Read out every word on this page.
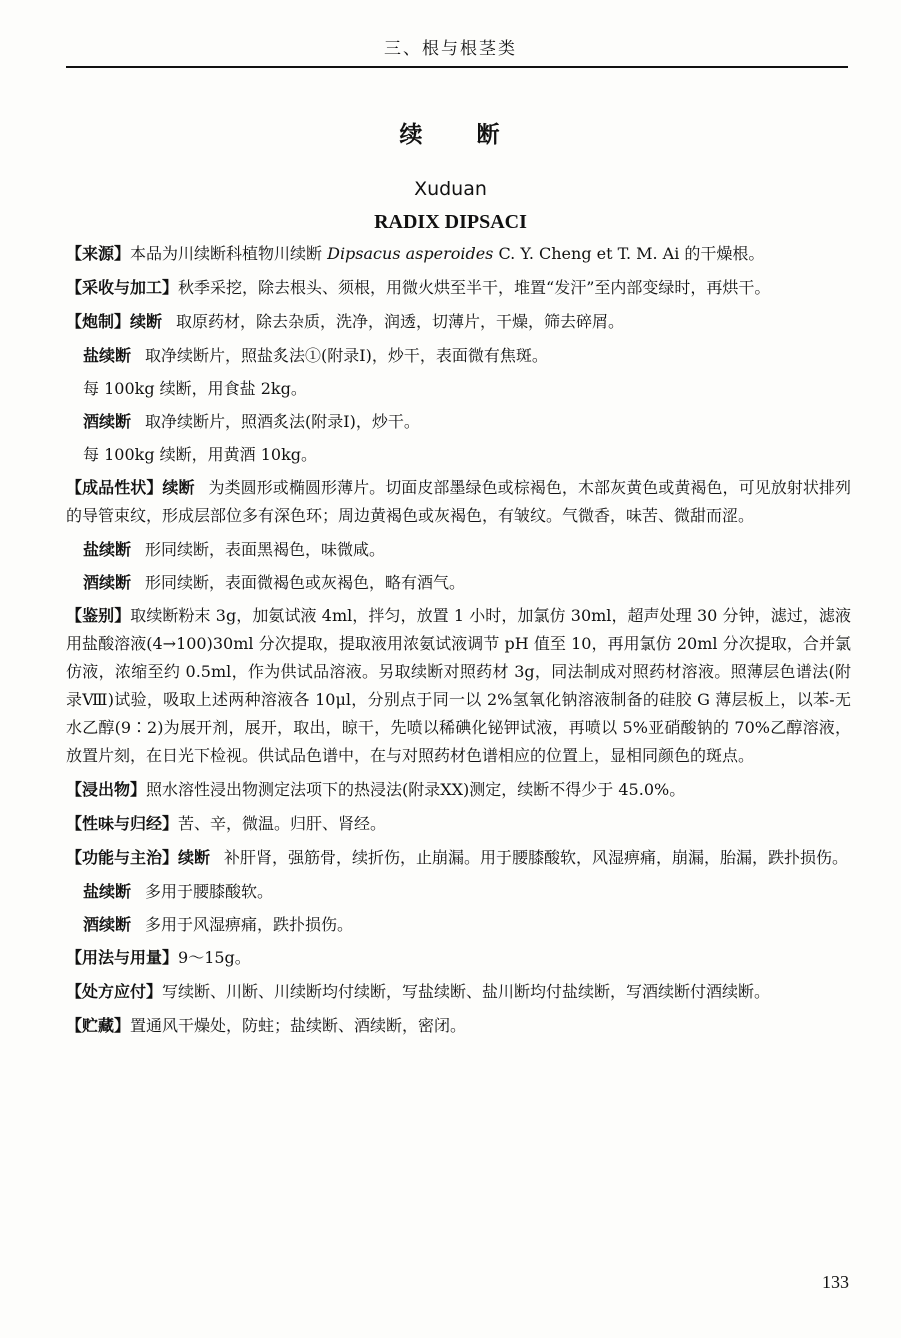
三、根与根茎类
续 断
Xuduan
RADIX DIPSACI

【来源】本品为川续断科植物川续断 Dipsacus asperoides C. Y. Cheng et T. M. Ai 的干燥根。

【采收与加工】秋季采挖，除去根头、须根，用微火烘至半干，堆置“发汗”至内部变绿时，再烘干。

【炮制】续断 取原药材，除去杂质，洗净，润透，切薄片，干燥，筛去碎屑。

盐续断 取净续断片，照盐炙法①(附录Ⅰ)，炒干，表面微有焦斑。

每 100kg 续断，用食盐 2kg。

酒续断 取净续断片，照酒炙法(附录Ⅰ)，炒干。

每 100kg 续断，用黄酒 10kg。

【成品性状】续断 为类圆形或椭圆形薄片。切面皮部墨绿色或棕褐色，木部灰黄色或黄褐色，可见放射状排列的导管束纹，形成层部位多有深色环；周边黄褐色或灰褐色，有皱纹。气微香，味苦、微甜而涩。

盐续断 形同续断，表面黑褐色，味微咸。

酒续断 形同续断，表面微褐色或灰褐色，略有酒气。

【鉴别】取续断粉末 3g，加氨试液 4ml，拌匀，放置 1 小时，加氯仿 30ml，超声处理 30 分钟，滤过，滤液用盐酸溶液(4→100)30ml 分次提取，提取液用浓氨试液调节 pH 值至 10，再用氯仿 20ml 分次提取，合并氯仿液，浓缩至约 0.5ml，作为供试品溶液。另取续断对照药材 3g，同法制成对照药材溶液。照薄层色谱法(附录Ⅷ)试验，吸取上述两种溶液各 10μl，分别点于同一以 2%氢氧化钠溶液制备的硅胶 G 薄层板上，以苯-无水乙醇(9∶2)为展开剂，展开，取出，晾干，先喷以稀碘化铋钾试液，再喷以 5%亚硝酸钠的 70%乙醇溶液，放置片刻，在日光下检视。供试品色谱中，在与对照药材色谱相应的位置上，显相同颜色的斑点。

【浸出物】照水溶性浸出物测定法项下的热浸法(附录ⅩⅩ)测定，续断不得少于 45.0%。

【性味与归经】苦、辛，微温。归肝、肾经。

【功能与主治】续断 补肝肾，强筋骨，续折伤，止崩漏。用于腰膝酸软，风湿痹痛，崩漏，胎漏，跌扑损伤。

盐续断 多用于腰膝酸软。

酒续断 多用于风湿痹痛，跌扑损伤。

【用法与用量】9～15g。

【处方应付】写续断、川断、川续断均付续断，写盐续断、盐川断均付盐续断，写酒续断付酒续断。

【贮藏】置通风干燥处，防蛀；盐续断、酒续断，密闭。

133
